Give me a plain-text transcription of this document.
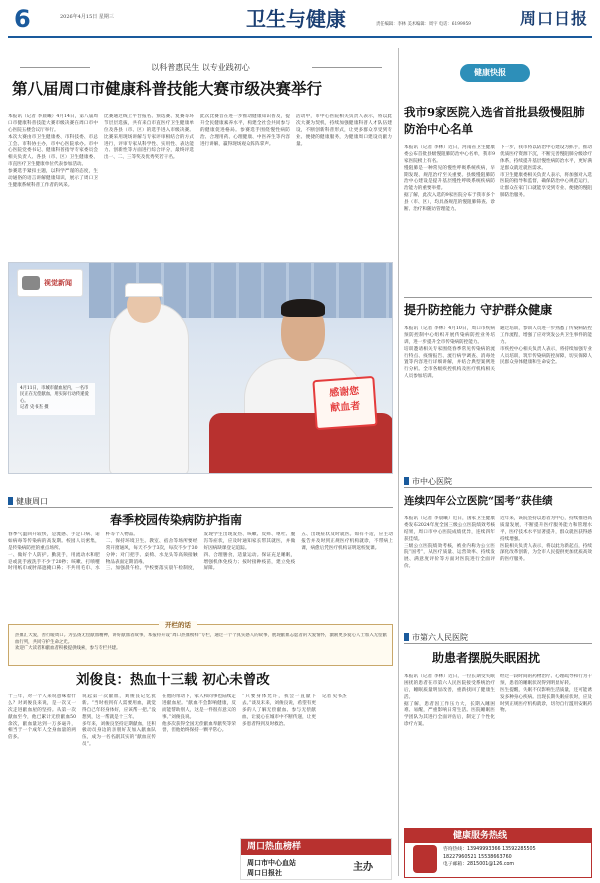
6	2026年4月15日 星期三	卫生与健康	责任编辑：李林 美术编辑：周宇 电话：6199959	周口日报
以科普惠民生 以专业践初心
第八届周口市健康科普技能大赛市级决赛举行
本报讯（记者 李晨曦）4月14日，第八届周口市健康科普技能大赛市级决赛在周口市中心医院五楼会议厅举行。
本次大赛由市卫生健康委、市科技委、市总工会、市科协主办，市中心医院承办。市中心医院党委书记、健康科普指导专家委员会相关负责人、各县（市、区）卫生健康委、市直医疗卫生健康单位代表参加活动。
参赛选手紧扣主题，以科学严谨的态度，生动通俗的语言讲解健康知识，展示了周口卫生健康系统科普工作者的风采。
比赛通过线上平台报名、预选赛、复赛等环节层层选拔，共有来自市直医疗卫生健康单位及各县（市、区）的选手进入市级决赛。比赛采用现场讲解与专家评审相结合的方式进行，评审专家从科学性、实用性、表达能力、创新性等方面进行综合评分，最终评选出一、二、三等奖及优秀奖若干名。
此次比赛旨在进一步推动健康知识普及，提升全民健康素养水平，构建全社会共同参与的健康促进格局。参赛选手围绕慢性病防治、合理用药、心理健康、中医养生等内容进行讲解，赢得现场观众阵阵掌声。
活动中，市中心医院相关负责人表示，将以此次大赛为契机，持续加强健康科普人才队伍建设，不断创新科普形式，让更多群众享受到专业、便捷的健康服务，为健康周口建设贡献力量。
感谢您
献血者
视觉新闻
4月11日，市城市献血屋内，一名市民正在无偿献血，用实际行动传递爱心。
记者 史书杰 摄
健康周口
春季校园传染病防护指南
春季气温回升较快，是流感、手足口病、诺如病毒等传染病的高发期。校园人员密集，是传染病防控的重点场所。
一、做好个人防护。勤洗手，用流动水和肥皂或洗手液洗手不少于20秒；咳嗽、打喷嚏时用纸巾或肘部遮掩口鼻；不共用毛巾、水杯等个人物品。
二、保持环境卫生。教室、宿舍等场所要经常开窗通风，每天不少于3次，每次不少于30分钟；对门把手、桌椅、水龙头等高频接触物品表面定期消毒。
三、加强晨午检。学校要落实晨午检制度，发现学生出现发热、咳嗽、皮疹、呕吐、腹泻等症状，应及时通知家长带其就医，并做好因病缺课登记追踪。
四、合理膳食，适量运动。保证充足睡眠，增强机体免疫力；按时接种疫苗，建立免疫屏障。
五、出现症状及时就医。如有不适，应主动报告并及时到正规医疗机构就诊，不带病上课，病愈后凭医疗机构证明返校复课。
开栏的话
热血汇大爱，善行暖周口。为弘扬无偿献血精神，讲好献血者故事，本报特开设“周口热血榜样”专栏，通过一个个真实感人的故事，展现献血志愿者的大爱情怀，激励更多爱心人士加入无偿献血行列，共同守护生命之光。
欢迎广大读者和献血者积极提供线索，参与专栏共建。
刘俊良：热血十三载 初心未曾改
十三年，对一个人来说意味着什么？对刘俊良来说，是一次又一次走进献血屋的坚持。从第一次献血至今，他已累计无偿献血50余次，献血量达到一万多毫升，相当于一个成年人全身血量的两倍多。
说起第一次献血，刘俊良记忆犹新。“当时看到有人需要用血，就觉得自己年轻身体好，应该帮一把。”没想到，这一帮就是十三年。
多年来，刘俊良坚持定期献血，还积极动员身边的亲朋好友加入献血队伍，成为一名名副其实的“献血宣传员”。
在他的带动下，家人和同事也陆续走进献血屋。“献血不会影响健康，反而能帮助别人，这是一件很有意义的事。”刘俊良说。
他多次获得全国无偿献血奉献奖等荣誉，但他始终保持一颗平常心。
“只要身体允许，我会一直献下去。”谈及未来，刘俊良说，希望有更多的人了解无偿献血、参与无偿献血，让爱心在城市中不断传递，让更多患者得到及时救治。
记者 史书杰
周口热血榜样
周口市中心血站
周口日报社	主办
健康快报
我市9家医院入选省首批县级慢阻肺防治中心名单
本报讯（记者 李林）近日，河南省卫生健康委公布首批县级慢阻肺防治中心名单，我市9家医院榜上有名。
慢阻肺是一种常见的慢性呼吸系统疾病，早期发现、规范治疗至关重要。县级慢阻肺防治中心建设是提升基层慢性呼吸系统疾病防治能力的重要举措。
据了解，此次入选的9家医院分布于我市多个县（市、区），均具备规范的慢阻肺筛查、诊断、治疗和随访管理能力。
下一步，我市将以防治中心建设为抓手，推动优质医疗资源下沉，不断完善慢阻肺分级诊疗体系，持续提升基层慢性病防治水平，更好满足群众就近就医需求。
市卫生健康委相关负责人表示，将加强对入选医院的指导和监督，确保防治中心规范运行，让群众在家门口就能享受到专业、便捷的慢阻肺防治服务。
提升防控能力 守护群众健康
本报讯（记者 李林）4月10日，周口市疾病预防控制中心组织开展传染病防控业务培训，进一步提升全市传染病防控能力。
培训邀请相关专家围绕春季常见传染病的流行特点、疫情报告、流行病学调查、消毒处置等内容进行详细讲解，并结合典型案例进行分析。全市各级疾控机构及医疗机构相关人员参加培训。
通过培训，参训人员进一步熟悉了传染病防控工作流程，增强了应对突发公共卫生事件的能力。
市疾控中心相关负责人表示，将持续加强专业人员培训，筑牢传染病防控屏障，切实保障人民群众身体健康和生命安全。
市中心医院
连续四年公立医院“国考”获佳绩
本报讯（记者 李晨曦）近日，国家卫生健康委发布2024年度全国三级公立医院绩效考核结果，周口市中心医院成绩优异，连续四年获佳绩。
三级公立医院绩效考核，被业内称为公立医院“国考”，从医疗质量、运营效率、持续发展、满意度评价等方面对医院进行全面评价。
近年来，该院坚持以患者为中心，持续推进高质量发展，不断提升医疗服务能力和管理水平，医疗技术水平显著提升，群众就医获得感持续增强。
医院相关负责人表示，将以此为新起点，持续深化改革创新，为全市人民提供更加优质高效的医疗服务。
市第六人民医院
助患者摆脱失眠困扰
本报讯（记者 李林）近日，一位长期受失眠困扰的患者在市第六人民医院接受系统治疗后，睡眠质量明显改善，重新找回了健康生活。
据了解，患者因工作压力大，长期入睡困难、易醒，严重影响日常生活。医院睡眠医学团队为其进行全面评估后，制定了个性化诊疗方案。
经过一段时间的药物治疗、心理疏导和行为干预，患者的睡眠状况得到明显好转。
医生提醒，失眠不仅影响生活质量，还可能诱发多种身心疾病。出现长期失眠症状时，应及时到正规医疗机构就诊，切勿自行滥用安眠药物。
健康服务热线
咨询热线：13949993366 13592285505
18227960521 15538663760
电子邮箱：2815001@126.com
